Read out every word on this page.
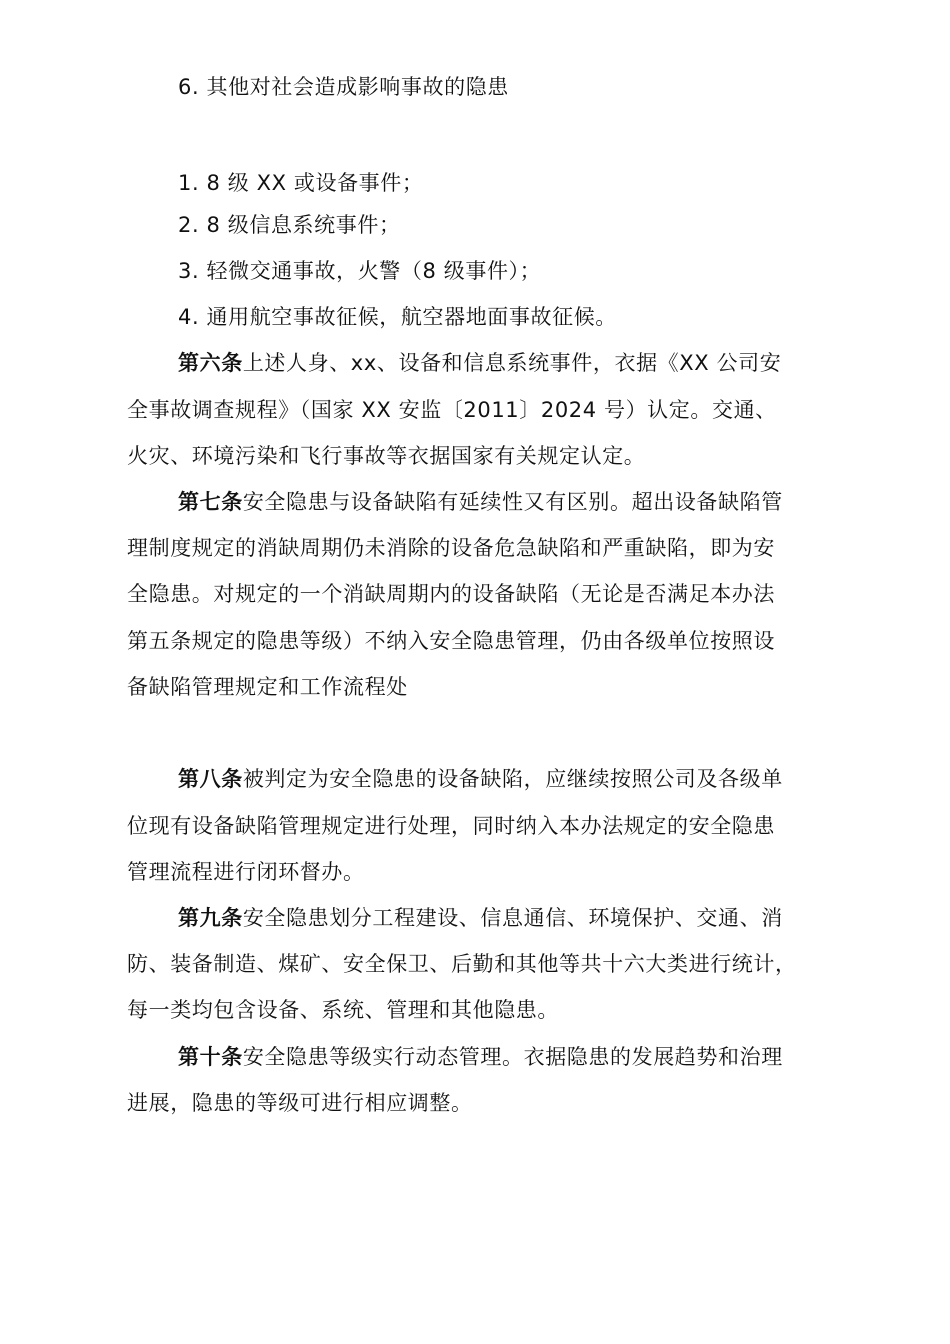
6. 其他对社会造成影响事故的隐患
1. 8 级 XX 或设备事件；
2. 8 级信息系统事件；
3. 轻微交通事故，火警（8 级事件）；
4. 通用航空事故征候，航空器地面事故征候。
第六条上述人身、xx、设备和信息系统事件，衣据《XX 公司安
全事故调查规程》（国家 XX 安监〔2011〕2024 号）认定。交通、
火灾、环境污染和飞行事故等衣据国家有关规定认定。
第七条安全隐患与设备缺陷有延续性又有区别。超出设备缺陷管
理制度规定的消缺周期仍未消除的设备危急缺陷和严重缺陷，即为安
全隐患。对规定的一个消缺周期内的设备缺陷（无论是否满足本办法
第五条规定的隐患等级）不纳入安全隐患管理，仍由各级单位按照设
备缺陷管理规定和工作流程处
第八条被判定为安全隐患的设备缺陷，应继续按照公司及各级单
位现有设备缺陷管理规定进行处理，同时纳入本办法规定的安全隐患
管理流程进行闭环督办。
第九条安全隐患划分工程建设、信息通信、环境保护、交通、消
防、装备制造、煤矿、安全保卫、后勤和其他等共十六大类进行统计，
每一类均包含设备、系统、管理和其他隐患。
第十条安全隐患等级实行动态管理。衣据隐患的发展趋势和治理
进展，隐患的等级可进行相应调整。
